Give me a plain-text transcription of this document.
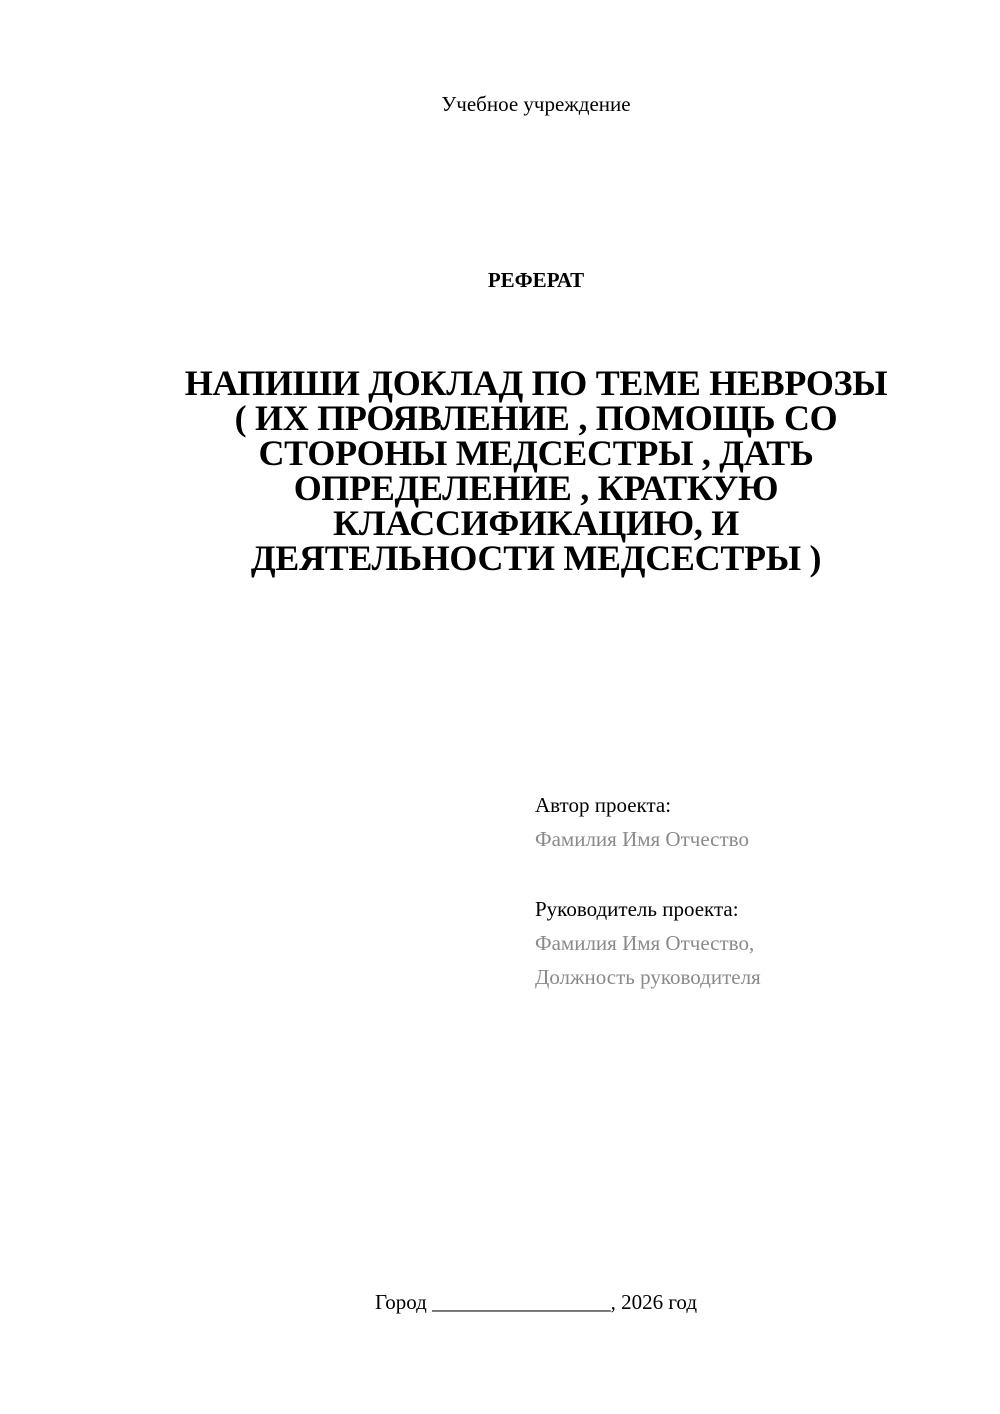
Учебное учреждение
РЕФЕРАТ
НАПИШИ ДОКЛАД ПО ТЕМЕ НЕВРОЗЫ
( ИХ ПРОЯВЛЕНИЕ , ПОМОЩЬ СО
СТОРОНЫ МЕДСЕСТРЫ , ДАТЬ
ОПРЕДЕЛЕНИЕ , КРАТКУЮ
КЛАССИФИКАЦИЮ, И
ДЕЯТЕЛЬНОСТИ МЕДСЕСТРЫ )
Автор проекта:
Фамилия Имя Отчество
Руководитель проекта:
Фамилия Имя Отчество,
Должность руководителя
Город _________________, 2026 год
